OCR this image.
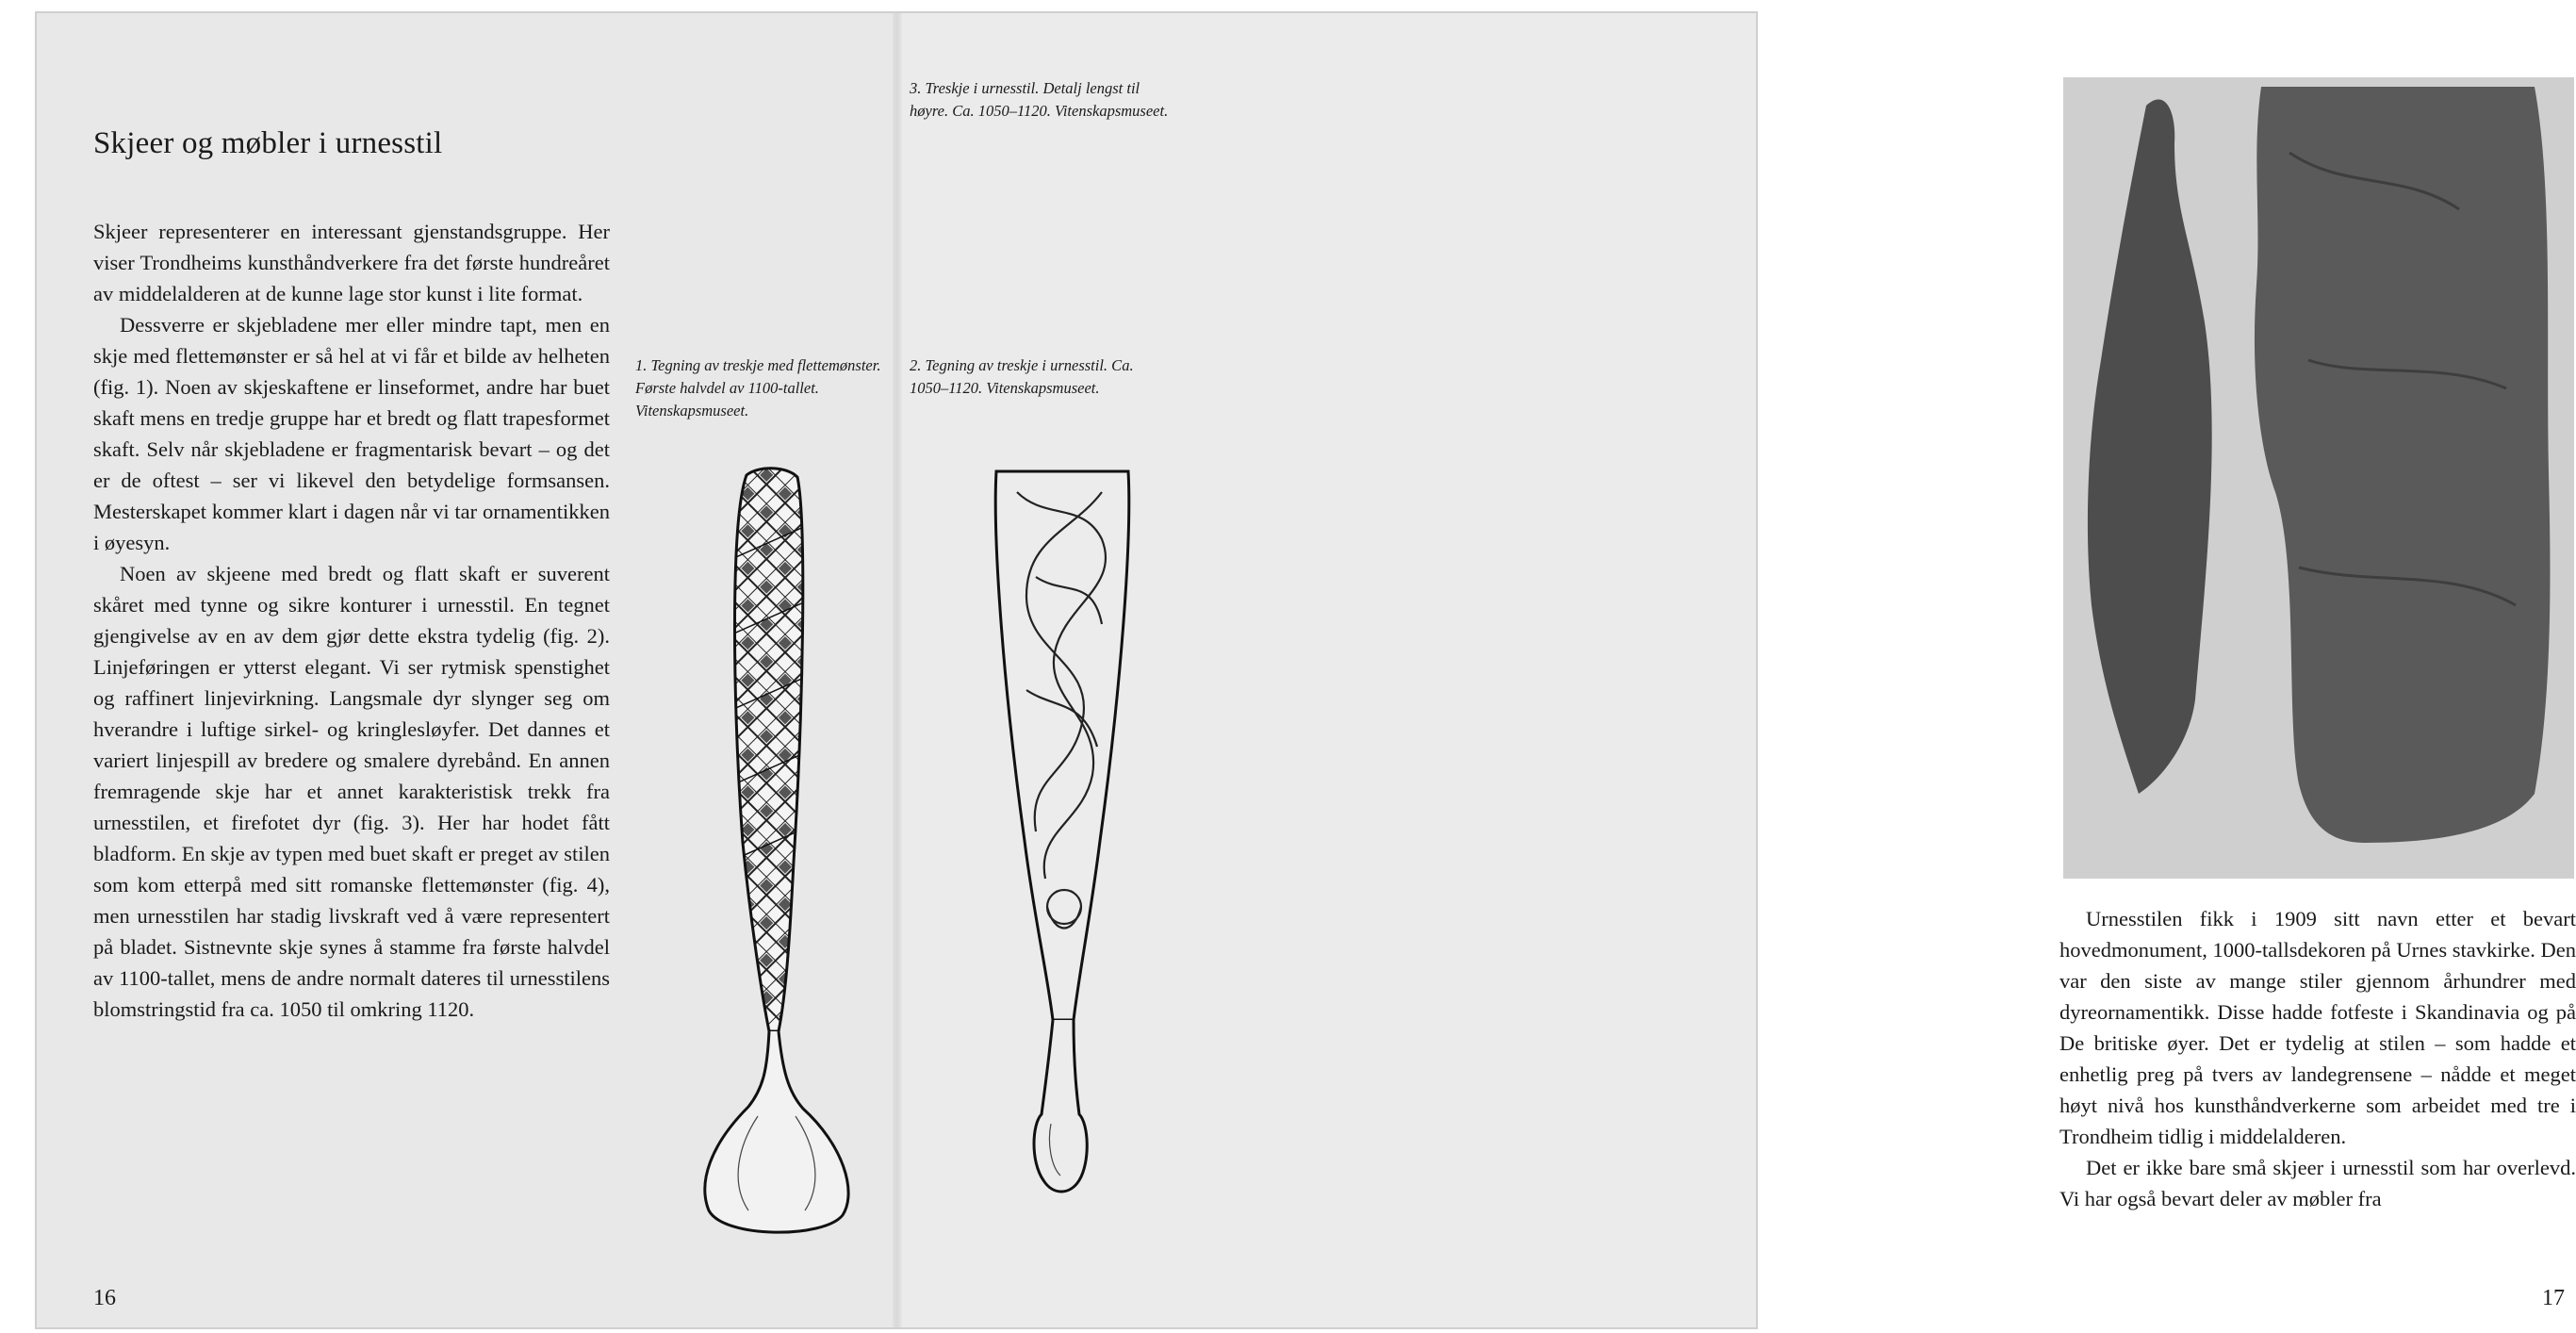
Skjeer og møbler i urnesstil

Skjeer representerer en interessant gjenstandsgruppe. Her viser Trondheims kunsthåndverkere fra det første hundreåret av middelalderen at de kunne lage stor kunst i lite format.

Dessverre er skjebladene mer eller mindre tapt, men en skje med flettemønster er så hel at vi får et bilde av helheten (fig. 1). Noen av skjeskaftene er linseformet, andre har buet skaft mens en tredje gruppe har et bredt og flatt trapesformet skaft. Selv når skjebladene er fragmentarisk bevart – og det er de oftest – ser vi likevel den betydelige formsansen. Mesterskapet kommer klart i dagen når vi tar ornamentikken i øyesyn.

Noen av skjeene med bredt og flatt skaft er suverent skåret med tynne og sikre konturer i urnesstil. En tegnet gjengivelse av en av dem gjør dette ekstra tydelig (fig. 2). Linjeføringen er ytterst elegant. Vi ser rytmisk spenstighet og raffinert linjevirkning. Langsmale dyr slynger seg om hverandre i luftige sirkel- og kringlesløyfer. Det dannes et variert linjespill av bredere og smalere dyrebånd. En annen fremragende skje har et annet karakteristisk trekk fra urnesstilen, et firefotet dyr (fig. 3). Her har hodet fått bladform. En skje av typen med buet skaft er preget av stilen som kom etterpå med sitt romanske flettemønster (fig. 4), men urnesstilen har stadig livskraft ved å være representert på bladet. Sistnevnte skje synes å stamme fra første halvdel av 1100-tallet, mens de andre normalt dateres til urnesstilens blomstringstid fra ca. 1050 til omkring 1120.

16

1. Tegning av treskje med flettemønster. Første halvdel av 1100-tallet. Vitenskapsmuseet.

Urnesstilen fikk i 1909 sitt navn etter et bevart hovedmonument, 1000-tallsdekoren på Urnes stavkirke. Den var den siste av mange stiler gjennom århundrer med dyreornamentikk. Disse hadde fotfeste i Skandinavia og på De britiske øyer. Det er tydelig at stilen – som hadde et enhetlig preg på tvers av landegrensene – nådde et meget høyt nivå hos kunsthåndverkerne som arbeidet med tre i Trondheim tidlig i middelalderen.

Det er ikke bare små skjeer i urnesstil som har overlevd. Vi har også bevart deler av møbler fra

17

3. Treskje i urnesstil. Detalj lengst til høyre. Ca. 1050–1120. Vitenskapsmuseet.

2. Tegning av treskje i urnesstil. Ca. 1050–1120. Vitenskapsmuseet.
